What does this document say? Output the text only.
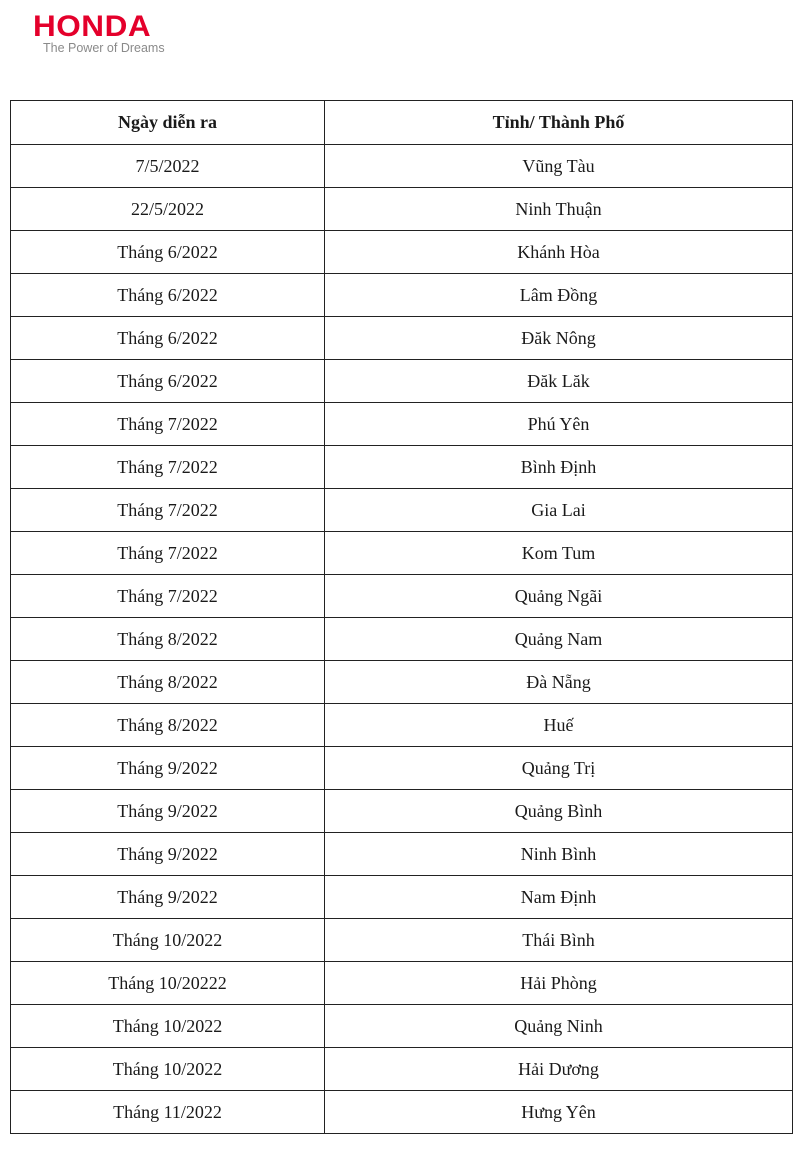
HONDA
The Power of Dreams
Ngày diễn ra	Tỉnh/ Thành Phố
7/5/2022	Vũng Tàu
22/5/2022	Ninh Thuận
Tháng 6/2022	Khánh Hòa
Tháng 6/2022	Lâm Đồng
Tháng 6/2022	Đăk Nông
Tháng 6/2022	Đăk Lăk
Tháng 7/2022	Phú Yên
Tháng 7/2022	Bình Định
Tháng 7/2022	Gia Lai
Tháng 7/2022	Kom Tum
Tháng 7/2022	Quảng Ngãi
Tháng 8/2022	Quảng Nam
Tháng 8/2022	Đà Nẵng
Tháng 8/2022	Huế
Tháng 9/2022	Quảng Trị
Tháng 9/2022	Quảng Bình
Tháng 9/2022	Ninh Bình
Tháng 9/2022	Nam Định
Tháng 10/2022	Thái Bình
Tháng 10/20222	Hải Phòng
Tháng 10/2022	Quảng Ninh
Tháng 10/2022	Hải Dương
Tháng 11/2022	Hưng Yên
